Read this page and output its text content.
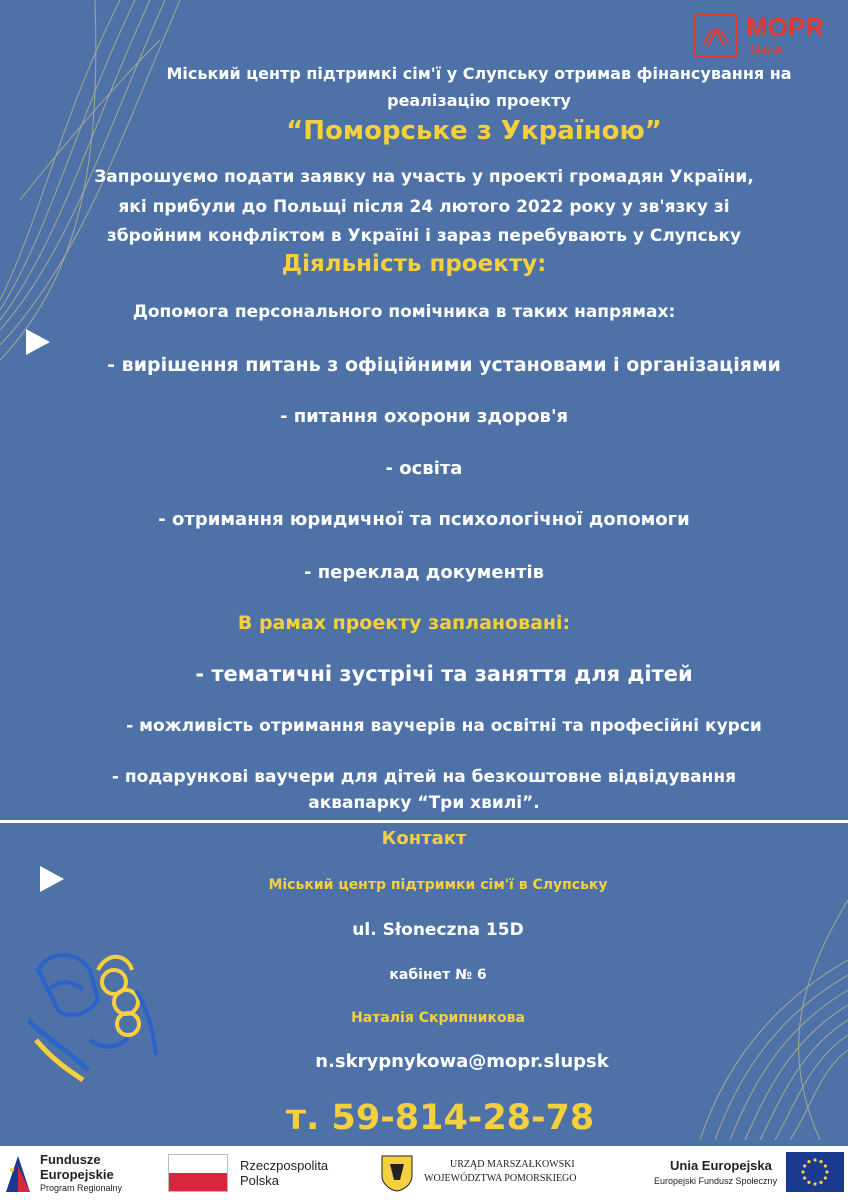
MOPR
Słupsk
Міський центр підтримкі сім'ї у Слупську отримав фінансування на
реалізацію проекту
“Поморське з Україною”
Запрошуємо подати заявку на участь у проекті громадян України,
які прибули до Польщі після 24 лютого 2022 року у зв'язку зі
збройним конфліктом в Україні і зараз перебувають у Слупську
Діяльність проекту:
Допомога персонального помічника в таких напрямах:
- вирішення питань з офіційними установами і організаціями
- питання охорони здоров'я
- освіта
- отримання юридичної та психологічної допомоги
- переклад документів
В рамах проекту заплановані:
- тематичні зустрічі та заняття для дітей
- можливість отримання ваучерів на освітні та професійні курси
- подарункові ваучери для дітей на безкоштовне відвідування
аквапарку “Три хвилі”.
Контакт
Міський центр підтримки сім'ї в Слупську
ul. Słoneczna 15D
кабінет № 6
Наталія Скрипникова
n.skrypnykowa@mopr.slupsk
т. 59-814-28-78
Fundusze
Europejskie
Program Regionalny
Rzeczpospolita
Polska
URZĄD MARSZAŁKOWSKI
WOJEWÓDZTWA POMORSKIEGO
Unia Europejska
Europejski Fundusz Społeczny
